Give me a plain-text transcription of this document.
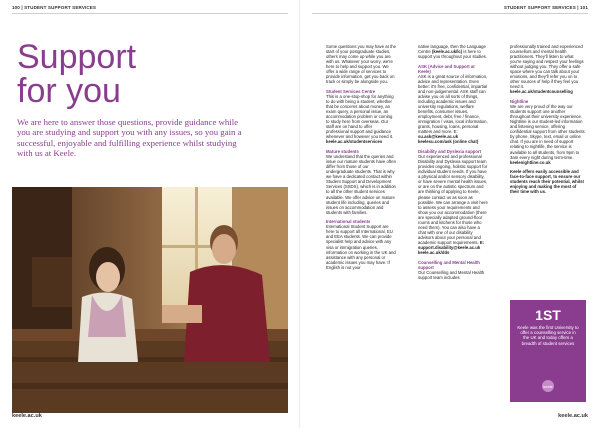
100 | STUDENT SUPPORT SERVICES
Support
for you

We are here to answer those questions, provide guidance while you are studying and support you with any issues, so you gain a successful, enjoyable and fulfilling experience whilst studying with us at Keele.

keele.ac.uk
STUDENT SUPPORT SERVICES | 101
keele.ac.uk

Some questions you may have at the start of your postgraduate studies, others may come up while you are with us. Whatever your worry, we're here to help and support you. We offer a wide range of services to provide information, get you back on track or simply be alongside you.

Student Services Centre
This is a one-stop-shop for anything to do with being a student, whether that be concerns about money, an exam query, a personal issue, an accommodation problem or coming to study here from overseas. Our staff are on hand to offer professional support and guidance whenever and however you need it. keele.ac.uk/studentservices

Mature students
We understand that the queries and issue our mature students have often differ from those of our undergraduate students. That is why we have a dedicated contact within Student Support and Development Services (SSDS), which is in addition to all the other student services available. We offer advice on mature student life including, queries and issues on accommodation and students with families.

International students
International Student Support are here to support all International, EU and EEA students. We can provide specialist help and advice with any visa or immigration queries, information on working in the UK and assistance with any personal or academic issues you may have. If English is not your

native language, then the Language Centre (keele.ac.uk/lc) is here to support you throughout your studies.

ASK (Advice and Support at Keele)
ASK is a great source of information, advice and representation. Even better: it's free, confidential, impartial and non-judgemental. ASK staff can advise you on all sorts of things, including academic issues and university regulations, welfare benefits, consumer issues, employment, debt, free / finance, immigration / visas, local information, grants, housing, loans, personal matters and more. E: su.ask@keele.ac.uk keelesu.com/ask (online chat)

Disability and Dyslexia support
Our experienced and professional Disability and Dyslexia support team provides ongoing, holistic support for individual student needs. If you have a physical and/or sensory disability, or have severe mental health issues, or are on the autistic spectrum and are thinking of applying to Keele, please contact us as soon as possible. We can arrange a visit here to assess your requirements and show you our accommodation (there are specially adapted ground-floor rooms and kitchens for those who need them). You can also have a chat with one of our disability advisors about your personal and academic support requirements. E: support.disability@keele.ac.uk keele.ac.uk/dds

Counselling and Mental Health support
Our Counselling and Mental Health support team includes

professionally trained and experienced counsellors and mental health practitioners. They'll listen to what you're saying and respect your feelings without judging you. They offer a safe space where you can talk about your emotions, and they'll refer you on to other sources of help if they feel you need it. keele.ac.uk/studentcounselling

Nightline
We are very proud of the way our students support one another throughout their university experience. Nightline is our student-led information and listening service, offering confidential support from other students by phone, Skype, text, email or online chat. If you are in need of support relating to nightlife, the service is available to all students, from 9pm to 3am every night during term-time. keelenightline.co.uk

Keele offers easily accessible and face-to-face support, to ensure our students reach their potential, whilst enjoying and making the most of their time with us.

1ST
Keele was the first University to offer a counselling service in the UK and today offers a breadth of student services
keele
